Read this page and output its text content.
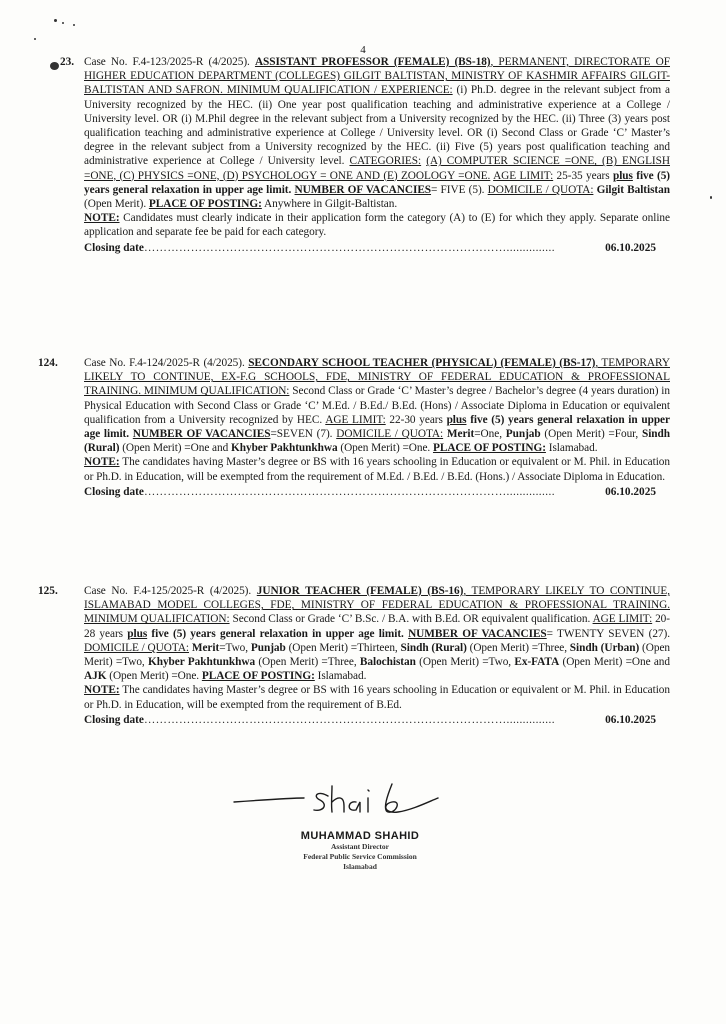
4
23. Case No. F.4-123/2025-R (4/2025). ASSISTANT PROFESSOR (FEMALE) (BS-18), PERMANENT, DIRECTORATE OF HIGHER EDUCATION DEPARTMENT (COLLEGES) GILGIT BALTISTAN, MINISTRY OF KASHMIR AFFAIRS GILGIT-BALTISTAN AND SAFRON. MINIMUM QUALIFICATION / EXPERIENCE: (i) Ph.D. degree in the relevant subject from a University recognized by the HEC. (ii) One year post qualification teaching and administrative experience at a College / University level. OR (i) M.Phil degree in the relevant subject from a University recognized by the HEC. (ii) Three (3) years post qualification teaching and administrative experience at College / University level. OR (i) Second Class or Grade ‘C’ Master’s degree in the relevant subject from a University recognized by the HEC. (ii) Five (5) years post qualification teaching and administrative experience at College / University level. CATEGORIES: (A) COMPUTER SCIENCE =ONE, (B) ENGLISH =ONE, (C) PHYSICS =ONE, (D) PSYCHOLOGY = ONE AND (E) ZOOLOGY =ONE. AGE LIMIT: 25-35 years plus five (5) years general relaxation in upper age limit. NUMBER OF VACANCIES= FIVE (5). DOMICILE / QUOTA: Gilgit Baltistan (Open Merit). PLACE OF POSTING: Anywhere in Gilgit-Baltistan.
NOTE: Candidates must clearly indicate in their application form the category (A) to (E) for which they apply. Separate online application and separate fee be paid for each category.
Closing date…………………………………………………………………………………...............	06.10.2025
124.	Case No. F.4-124/2025-R (4/2025). SECONDARY SCHOOL TEACHER (PHYSICAL) (FEMALE) (BS-17), TEMPORARY LIKELY TO CONTINUE, EX-F.G SCHOOLS, FDE, MINISTRY OF FEDERAL EDUCATION & PROFESSIONAL TRAINING. MINIMUM QUALIFICATION: Second Class or Grade ‘C’ Master’s degree / Bachelor’s degree (4 years duration) in Physical Education with Second Class or Grade ‘C’ M.Ed. / B.Ed./ B.Ed. (Hons) / Associate Diploma in Education or equivalent qualification from a University recognized by HEC. AGE LIMIT: 22-30 years plus five (5) years general relaxation in upper age limit. NUMBER OF VACANCIES=SEVEN (7). DOMICILE / QUOTA: Merit=One, Punjab (Open Merit) =Four, Sindh (Rural) (Open Merit) =One and Khyber Pakhtunkhwa (Open Merit) =One. PLACE OF POSTING: Islamabad.
NOTE: The candidates having Master’s degree or BS with 16 years schooling in Education or equivalent or M. Phil. in Education or Ph.D. in Education, will be exempted from the requirement of M.Ed. / B.Ed. / B.Ed. (Hons.) / Associate Diploma in Education.
Closing date…………………………………………………………………………………...............	06.10.2025
125.	Case No. F.4-125/2025-R (4/2025). JUNIOR TEACHER (FEMALE) (BS-16), TEMPORARY LIKELY TO CONTINUE, ISLAMABAD MODEL COLLEGES, FDE, MINISTRY OF FEDERAL EDUCATION & PROFESSIONAL TRAINING. MINIMUM QUALIFICATION: Second Class or Grade ‘C’ B.Sc. / B.A. with B.Ed. OR equivalent qualification. AGE LIMIT: 20-28 years plus five (5) years general relaxation in upper age limit. NUMBER OF VACANCIES= TWENTY SEVEN (27). DOMICILE / QUOTA: Merit=Two, Punjab (Open Merit) =Thirteen, Sindh (Rural) (Open Merit) =Three, Sindh (Urban) (Open Merit) =Two, Khyber Pakhtunkhwa (Open Merit) =Three, Balochistan (Open Merit) =Two, Ex-FATA (Open Merit) =One and AJK (Open Merit) =One. PLACE OF POSTING: Islamabad.
NOTE: The candidates having Master’s degree or BS with 16 years schooling in Education or equivalent or M. Phil. in Education or Ph.D. in Education, will be exempted from the requirement of B.Ed.
Closing date…………………………………………………………………………………...............	06.10.2025
MUHAMMAD SHAHID
Assistant Director
Federal Public Service Commission
Islamabad
